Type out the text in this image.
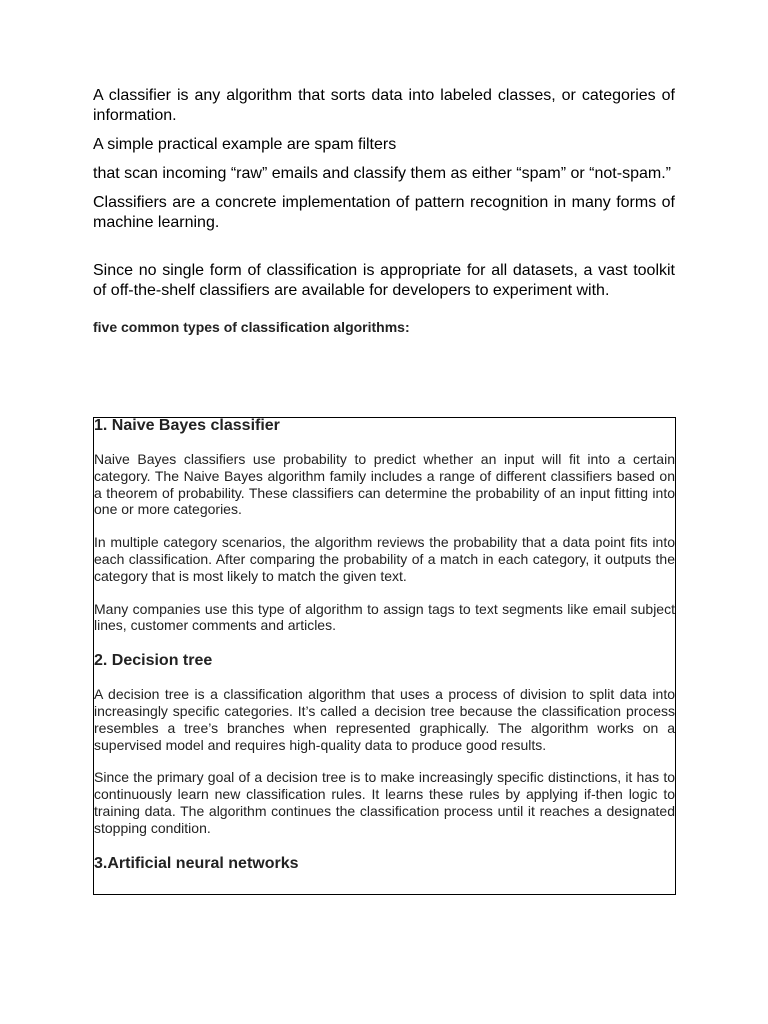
A classifier is any algorithm that sorts data into labeled classes, or categories of information.

A simple practical example are spam filters

that scan incoming “raw” emails and classify them as either “spam” or “not-spam.”

Classifiers are a concrete implementation of pattern recognition in many forms of machine learning.

Since no single form of classification is appropriate for all datasets, a vast toolkit of off-the-shelf classifiers are available for developers to experiment with.

five common types of classification algorithms:

1. Naive Bayes classifier

Naive Bayes classifiers use probability to predict whether an input will fit into a certain category. The Naive Bayes algorithm family includes a range of different classifiers based on a theorem of probability. These classifiers can determine the probability of an input fitting into one or more categories.

In multiple category scenarios, the algorithm reviews the probability that a data point fits into each classification. After comparing the probability of a match in each category, it outputs the category that is most likely to match the given text.

Many companies use this type of algorithm to assign tags to text segments like email subject lines, customer comments and articles.

2. Decision tree

A decision tree is a classification algorithm that uses a process of division to split data into increasingly specific categories. It’s called a decision tree because the classification process resembles a tree’s branches when represented graphically. The algorithm works on a supervised model and requires high-quality data to produce good results.

Since the primary goal of a decision tree is to make increasingly specific distinctions, it has to continuously learn new classification rules. It learns these rules by applying if-then logic to training data. The algorithm continues the classification process until it reaches a designated stopping condition.

3.Artificial neural networks
